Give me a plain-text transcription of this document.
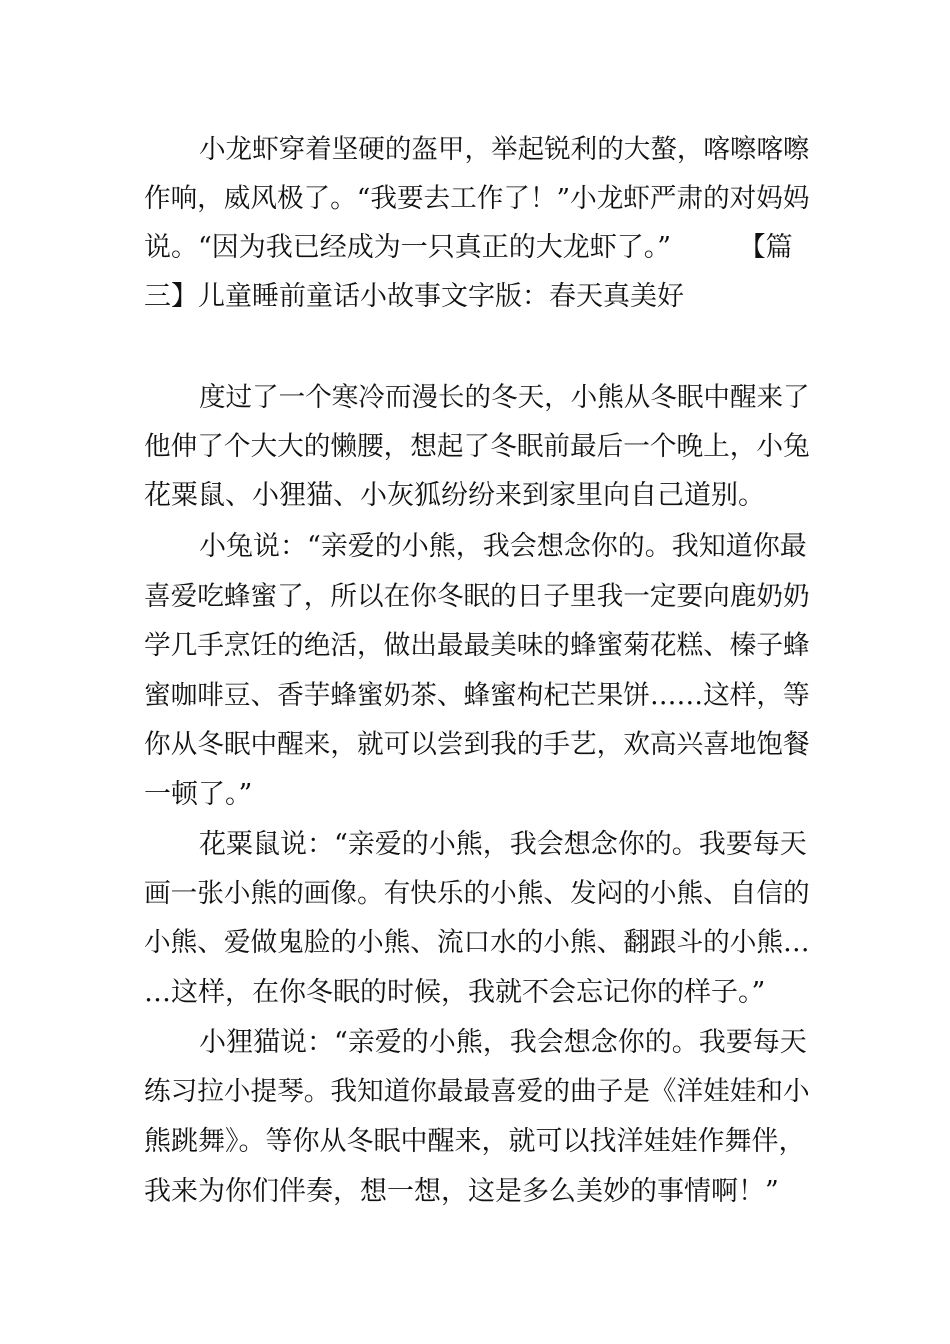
小龙虾穿着坚硬的盔甲，举起锐利的大螯，喀嚓喀嚓
作响，威风极了。“我要去工作了！”小龙虾严肃的对妈妈
说。“因为我已经成为一只真正的大龙虾了。”　　　【篇
三】儿童睡前童话小故事文字版：春天真美好
度过了一个寒冷而漫长的冬天，小熊从冬眠中醒来了
他伸了个大大的懒腰，想起了冬眠前最后一个晚上，小兔
花粟鼠、小狸猫、小灰狐纷纷来到家里向自己道别。
小兔说：“亲爱的小熊，我会想念你的。我知道你最
喜爱吃蜂蜜了，所以在你冬眠的日子里我一定要向鹿奶奶
学几手烹饪的绝活，做出最最美味的蜂蜜菊花糕、榛子蜂
蜜咖啡豆、香芋蜂蜜奶茶、蜂蜜枸杞芒果饼……这样，等
你从冬眠中醒来，就可以尝到我的手艺，欢高兴喜地饱餐
一顿了。”
花粟鼠说：“亲爱的小熊，我会想念你的。我要每天
画一张小熊的画像。有快乐的小熊、发闷的小熊、自信的
小熊、爱做鬼脸的小熊、流口水的小熊、翻跟斗的小熊…
…这样，在你冬眠的时候，我就不会忘记你的样子。”
小狸猫说：“亲爱的小熊，我会想念你的。我要每天
练习拉小提琴。我知道你最最喜爱的曲子是《洋娃娃和小
熊跳舞》。等你从冬眠中醒来，就可以找洋娃娃作舞伴，
我来为你们伴奏，想一想，这是多么美妙的事情啊！”
